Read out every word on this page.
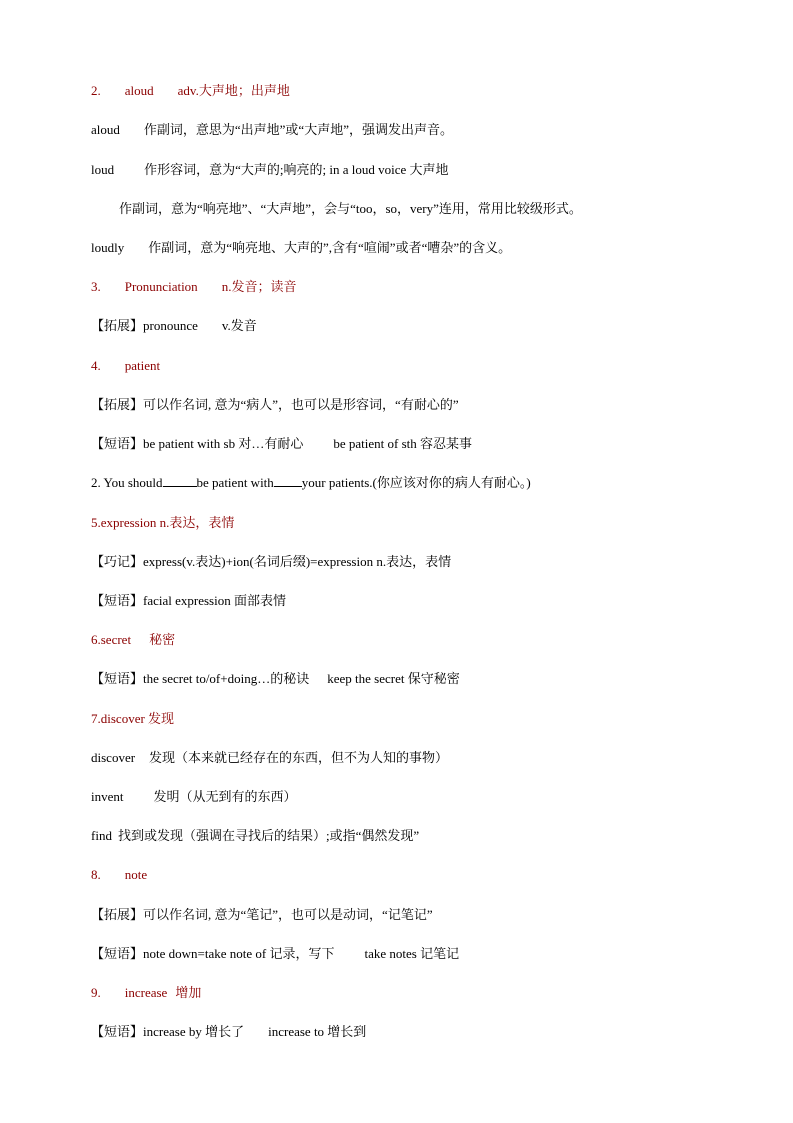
2. aloud adv.大声地；出声地
aloud 作副词，意思为“出声地”或“大声地”，强调发出声音。
loud 作形容词，意为“大声的;响亮的; in a loud voice 大声地
作副词，意为“响亮地”、“大声地”，会与“too，so，very”连用，常用比较级形式。
loudly 作副词，意为“响亮地、大声的”,含有“喧闹”或者“嘈杂”的含义。
3. Pronunciation n.发音；读音
【拓展】pronounce v.发音
4. patient
【拓展】可以作名词, 意为“病人”，也可以是形容词，“有耐心的”
【短语】be patient with sb 对…有耐心 be patient of sth 容忍某事
2. You should	be patient with your patients.(你应该对你的病人有耐心。)
5.expression n.表达，表情
【巧记】express(v.表达)+ion(名词后缀)=expression n.表达，表情
【短语】facial expression 面部表情
6.secret 秘密
【短语】the secret to/of+doing…的秘诀 keep the secret 保守秘密
7.discover 发现
discover 发现（本来就已经存在的东西，但不为人知的事物）
invent 发明（从无到有的东西）
find 找到或发现（强调在寻找后的结果）;或指“偶然发现”
8. note
【拓展】可以作名词, 意为“笔记”，也可以是动词，“记笔记”
【短语】note down=take note of 记录，写下 take notes 记笔记
9. increase 增加
【短语】increase by 增长了 increase to 增长到
